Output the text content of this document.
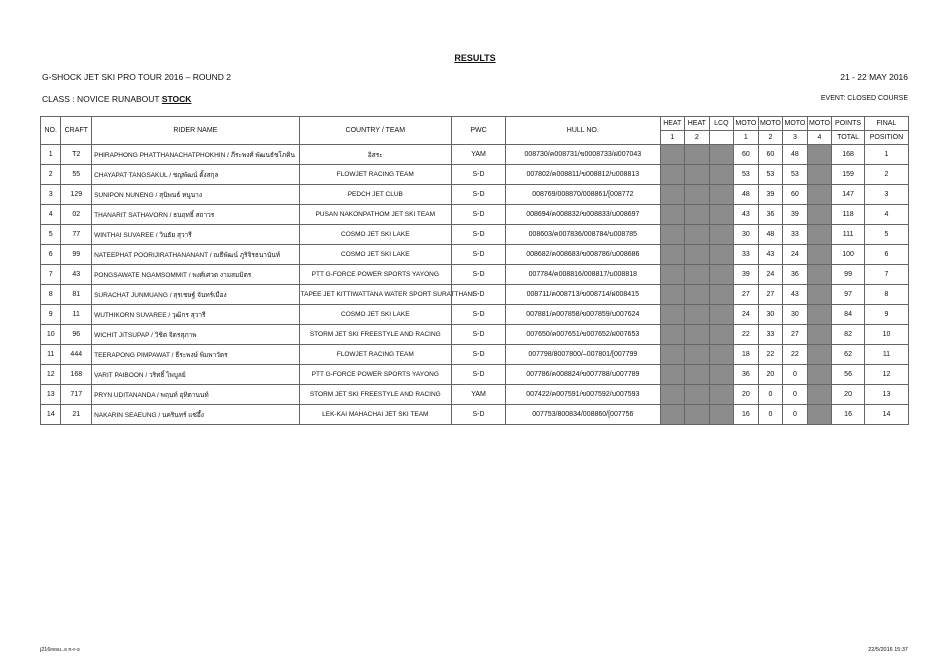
RESULTS
G-SHOCK JET SKI PRO TOUR 2016 – ROUND 2	21 - 22 MAY 2016
CLASS : NOVICE RUNABOUT STOCK	EVENT: CLOSED COURSE
NO.	CRAFT	RIDER NAME	COUNTRY / TEAM	PWC	HULL NO.	HEAT	HEAT	LCQ	MOTO	MOTO	MOTO	MOTO	POINTS	FINAL
						1	2		1	2	3	4	TOTAL	POSITION
1	T2	PHIRAPHONG PHATTHANACHATPHOKHIN / ภีระพงศ์ พัฒนธัชโภคิน	อิสระ	YAM	008730/ค008731/ข0008733/ฝ007043				60	60	48		168	1
2	55	CHAYAPAT TANGSAKUL / ชญพัฒน์ ตั้งสกุล	FLOWJET RACING TEAM	S-D	007802/ค008811/ข008812/บ008813				53	53	53		159	2
3	129	SUNIPON NUNENG / สุนิพนธ์ หนูนาง	PEDCH JET CLUB	S-D	008769/008870/008861/[008772				48	39	60		147	3
4	02	THANARIT SATHAVORN / ธนฤทธิ์ สถาวร	PUSAN NAKONPATHOM JET SKI TEAM	S-D	008694/ค008832/ข008833/บ008697				43	36	39		118	4
5	77	WINTHAI SUVAREE / วินธัย สุวารี	COSMO JET SKI LAKE	S-D	008603/ค007836/008784/บ008785				30	48	33		111	5
6	99	NATEEPHAT POORIJIRATHANANANT / ณธีพัฒน์ ภูริจิรธนานันท์	COSMO JET SKI LAKE	S-D	008682/ค008683/ข008786/บ008686				33	43	24		100	6
7	43	PONGSAWATE NGAMSOMMIT / พงศ์เศวต งามสมมิตร	PTT G-FORCE POWER SPORTS YAYONG	S-D	007784/ค008816/008817/บ008818				39	24	36		99	7
8	81	SURACHAT JUNMUANG / สุรเชษฐ์ จันทร์เมือง	TAPEE JET KITTIWATTANA WATER SPORT SURATTHANI	S-D	008711/ค008713/ข008714/ฝ008415				27	27	43		97	8
9	11	WUTHIKORN SUVAREE / วุฒิกร สุวารี	COSMO JET SKI LAKE	S-D	007881/ค007858/ข007859/บ007624				24	30	30		84	9
10	96	WICHIT JITSUPAP / วิชิต จิตรสุภาพ	STORM JET SKI FREESTYLE AND RACING	S-D	007650/ค007651/ข007652/ฝ007653				22	33	27		82	10
11	444	TEERAPONG PIMPAWAT / ธีระพงษ์ พิมพาวัตร	FLOWJET RACING TEAM	S-D	007798/8007800/–007801/[007799				18	22	22		62	11
12	168	VARIT PAIBOON / วริทธิ์ ไพบูลย์	PTT G-FORCE POWER SPORTS YAYONG	S-D	007786/ค008824/ข007788/บ007789				36	20	0		56	12
13	717	PRYN UDITANANDA / พฤนท์ อุทิตานนท์	STORM JET SKI FREESTYLE AND RACING	YAM	007422/ค007591/ข007592/บ007593				20	0	0		20	13
14	21	NAKARIN SEAEUNG / นครินทร์ แซ่อึ้ง	LEK-KAI MAHACHAI JET SKI TEAM	S-D	007753/800834/008860/[007756				16	0	0		16	14
j216resu..s n-r-s	22/5/2016 15:37
